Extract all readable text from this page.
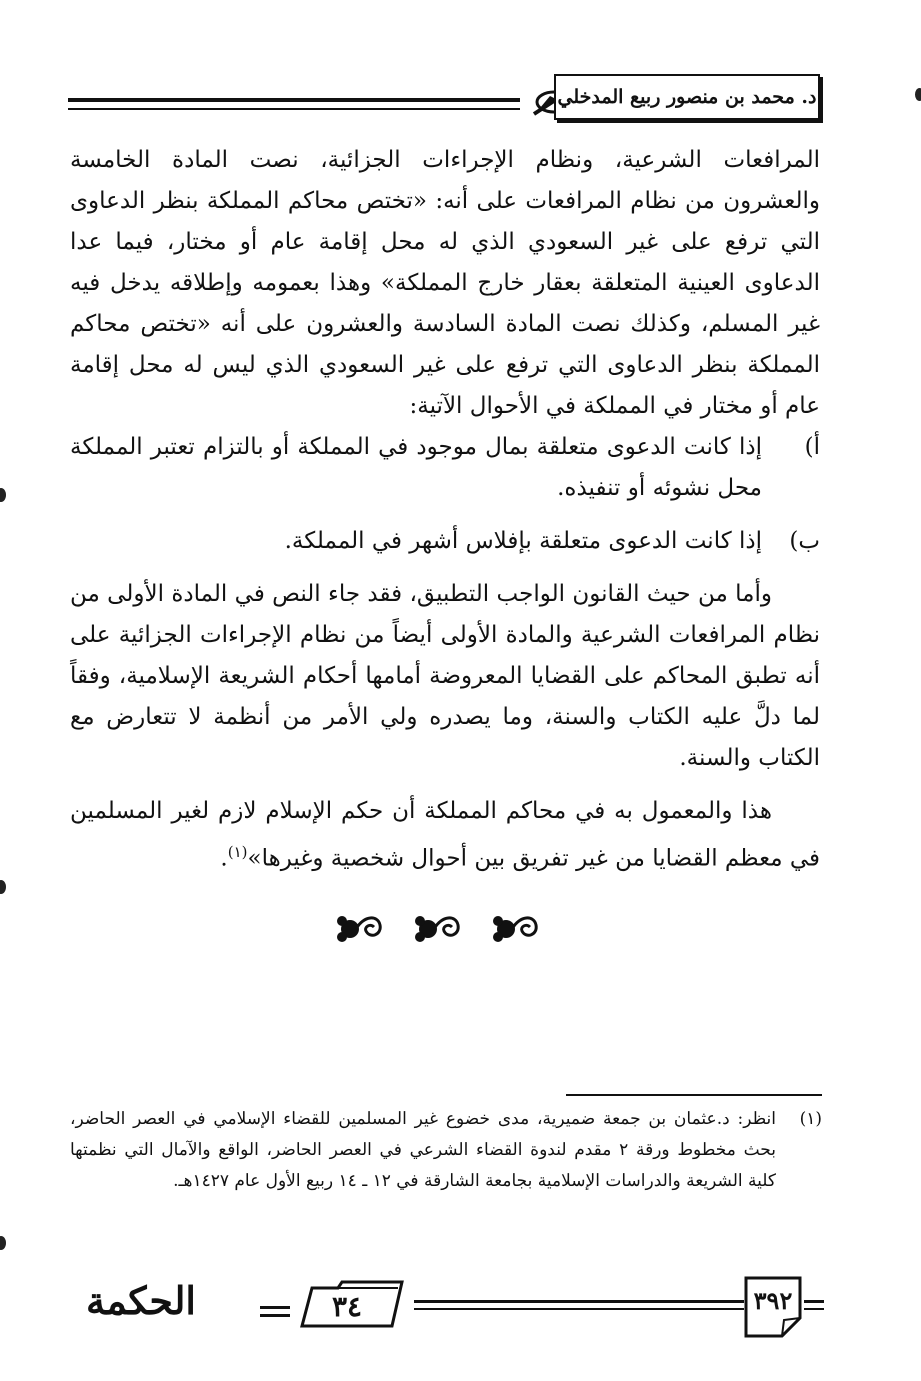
د. محمد بن منصور ربيع المدخلي

المرافعات الشرعية، ونظام الإجراءات الجزائية، نصت المادة الخامسة والعشرون من نظام المرافعات على أنه: «تختص محاكم المملكة بنظر الدعاوى التي ترفع على غير السعودي الذي له محل إقامة عام أو مختار، فيما عدا الدعاوى العينية المتعلقة بعقار خارج المملكة» وهذا بعمومه وإطلاقه يدخل فيه غير المسلم، وكذلك نصت المادة السادسة والعشرون على أنه «تختص محاكم المملكة بنظر الدعاوى التي ترفع على غير السعودي الذي ليس له محل إقامة عام أو مختار في المملكة في الأحوال الآتية:

أ)
إذا كانت الدعوى متعلقة بمال موجود في المملكة أو بالتزام تعتبر المملكة محل نشوئه أو تنفيذه.

ب)
إذا كانت الدعوى متعلقة بإفلاس أشهر في المملكة.

وأما من حيث القانون الواجب التطبيق، فقد جاء النص في المادة الأولى من نظام المرافعات الشرعية والمادة الأولى أيضاً من نظام الإجراءات الجزائية على أنه تطبق المحاكم على القضايا المعروضة أمامها أحكام الشريعة الإسلامية، وفقاً لما دلَّ عليه الكتاب والسنة، وما يصدره ولي الأمر من أنظمة لا تتعارض مع الكتاب والسنة.

هذا والمعمول به في محاكم المملكة أن حكم الإسلام لازم لغير المسلمين في معظم القضايا من غير تفريق بين أحوال شخصية وغيرها»$^{(١)}$.

(١)
انظر: د.عثمان بن جمعة ضميرية، مدى خضوع غير المسلمين للقضاء الإسلامي في العصر الحاضر، بحث مخطوط ورقة ٢ مقدم لندوة القضاء الشرعي في العصر الحاضر، الواقع والآمال التي نظمتها كلية الشريعة والدراسات الإسلامية بجامعة الشارقة في ١٢ ـ ١٤ ربيع الأول عام ١٤٢٧هـ.

الحكمة	٣٤	٣٩٢
